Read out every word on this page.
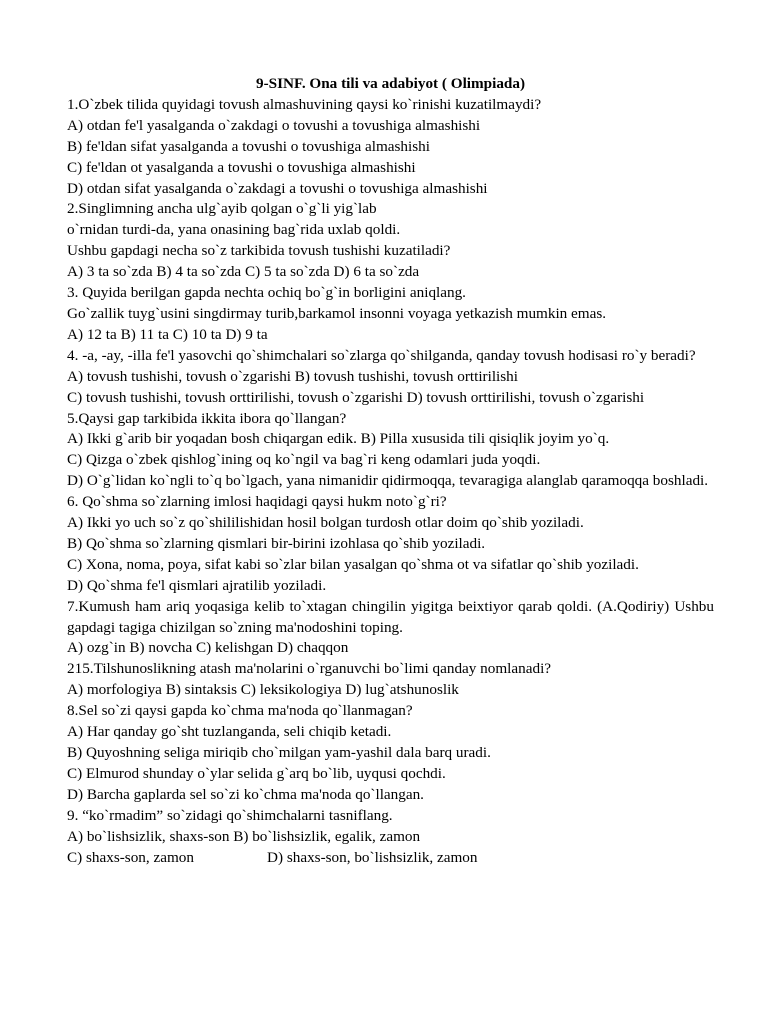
9-SINF. Ona tili va adabiyot ( Olimpiada)
1.O`zbek tilida quyidagi tovush almashuvining qaysi ko`rinishi kuzatilmaydi?
A) otdan fe'l yasalganda o`zakdagi o tovushi a tovushiga almashishi
B) fe'ldan sifat yasalganda a tovushi o tovushiga almashishi
C) fe'ldan ot yasalganda a tovushi o tovushiga almashishi
D) otdan sifat yasalganda o`zakdagi a tovushi o tovushiga almashishi
2.Singlimning ancha ulg`ayib qolgan o`g`li yig`lab
o`rnidan turdi-da, yana onasining bag`rida uxlab qoldi.
Ushbu gapdagi necha so`z tarkibida tovush tushishi kuzatiladi?
A) 3 ta so`zda B) 4 ta so`zda C) 5 ta so`zda D) 6 ta so`zda
3. Quyida berilgan gapda nechta ochiq bo`g`in borligini aniqlang.
Go`zallik tuyg`usini singdirmay turib,barkamol insonni voyaga yetkazish mumkin emas.
A) 12 ta B) 11 ta C) 10 ta D) 9 ta
4. -a, -ay, -illa fe'l yasovchi qo`shimchalari so`zlarga qo`shilganda, qanday tovush hodisasi ro`y beradi?
A) tovush tushishi, tovush o`zgarishi B) tovush tushishi, tovush orttirilishi
C) tovush tushishi, tovush orttirilishi, tovush o`zgarishi D) tovush orttirilishi, tovush o`zgarishi
5.Qaysi gap tarkibida ikkita ibora qo`llangan?
A) Ikki g`arib bir yoqadan bosh chiqargan edik. B) Pilla xususida tili qisiqlik joyim yo`q.
C) Qizga o`zbek qishlog`ining oq ko`ngil va bag`ri keng odamlari juda yoqdi.
D) O`g`lidan ko`ngli to`q bo`lgach, yana nimanidir qidirmoqqa, tevaragiga alanglab qaramoqqa boshladi.
6. Qo`shma so`zlarning imlosi haqidagi qaysi hukm noto`g`ri?
A) Ikki yo uch so`z qo`shililishidan hosil bolgan turdosh otlar doim qo`shib yoziladi.
B) Qo`shma so`zlarning qismlari bir-birini izohlasa qo`shib yoziladi.
C) Xona, noma, poya, sifat kabi so`zlar bilan yasalgan qo`shma ot va sifatlar qo`shib yoziladi.
D) Qo`shma fe'l qismlari ajratilib yoziladi.
7.Kumush ham ariq yoqasiga kelib to`xtagan chingilin yigitga beixtiyor qarab qoldi. (A.Qodiriy) Ushbu gapdagi tagiga chizilgan so`zning ma'nodoshini toping.
A) ozg`in B) novcha C) kelishgan D) chaqqon
215.Tilshunoslikning atash ma'nolarini o`rganuvchi bo`limi qanday nomlanadi?
A) morfologiya B) sintaksis C) leksikologiya D) lug`atshunoslik
8.Sel so`zi qaysi gapda ko`chma ma'noda qo`llanmagan?
A) Har qanday go`sht tuzlanganda, seli chiqib ketadi.
B) Quyoshning seliga miriqib cho`milgan yam-yashil dala barq uradi.
C) Elmurod shunday o`ylar selida g`arq bo`lib, uyqusi qochdi.
D) Barcha gaplarda sel so`zi ko`chma ma'noda qo`llangan.
9. “ko`rmadim” so`zidagi qo`shimchalarni tasniflang.
A) bo`lishsizlik, shaxs-son B) bo`lishsizlik, egalik, zamon
C) shaxs-son, zamon	D) shaxs-son, bo`lishsizlik, zamon
